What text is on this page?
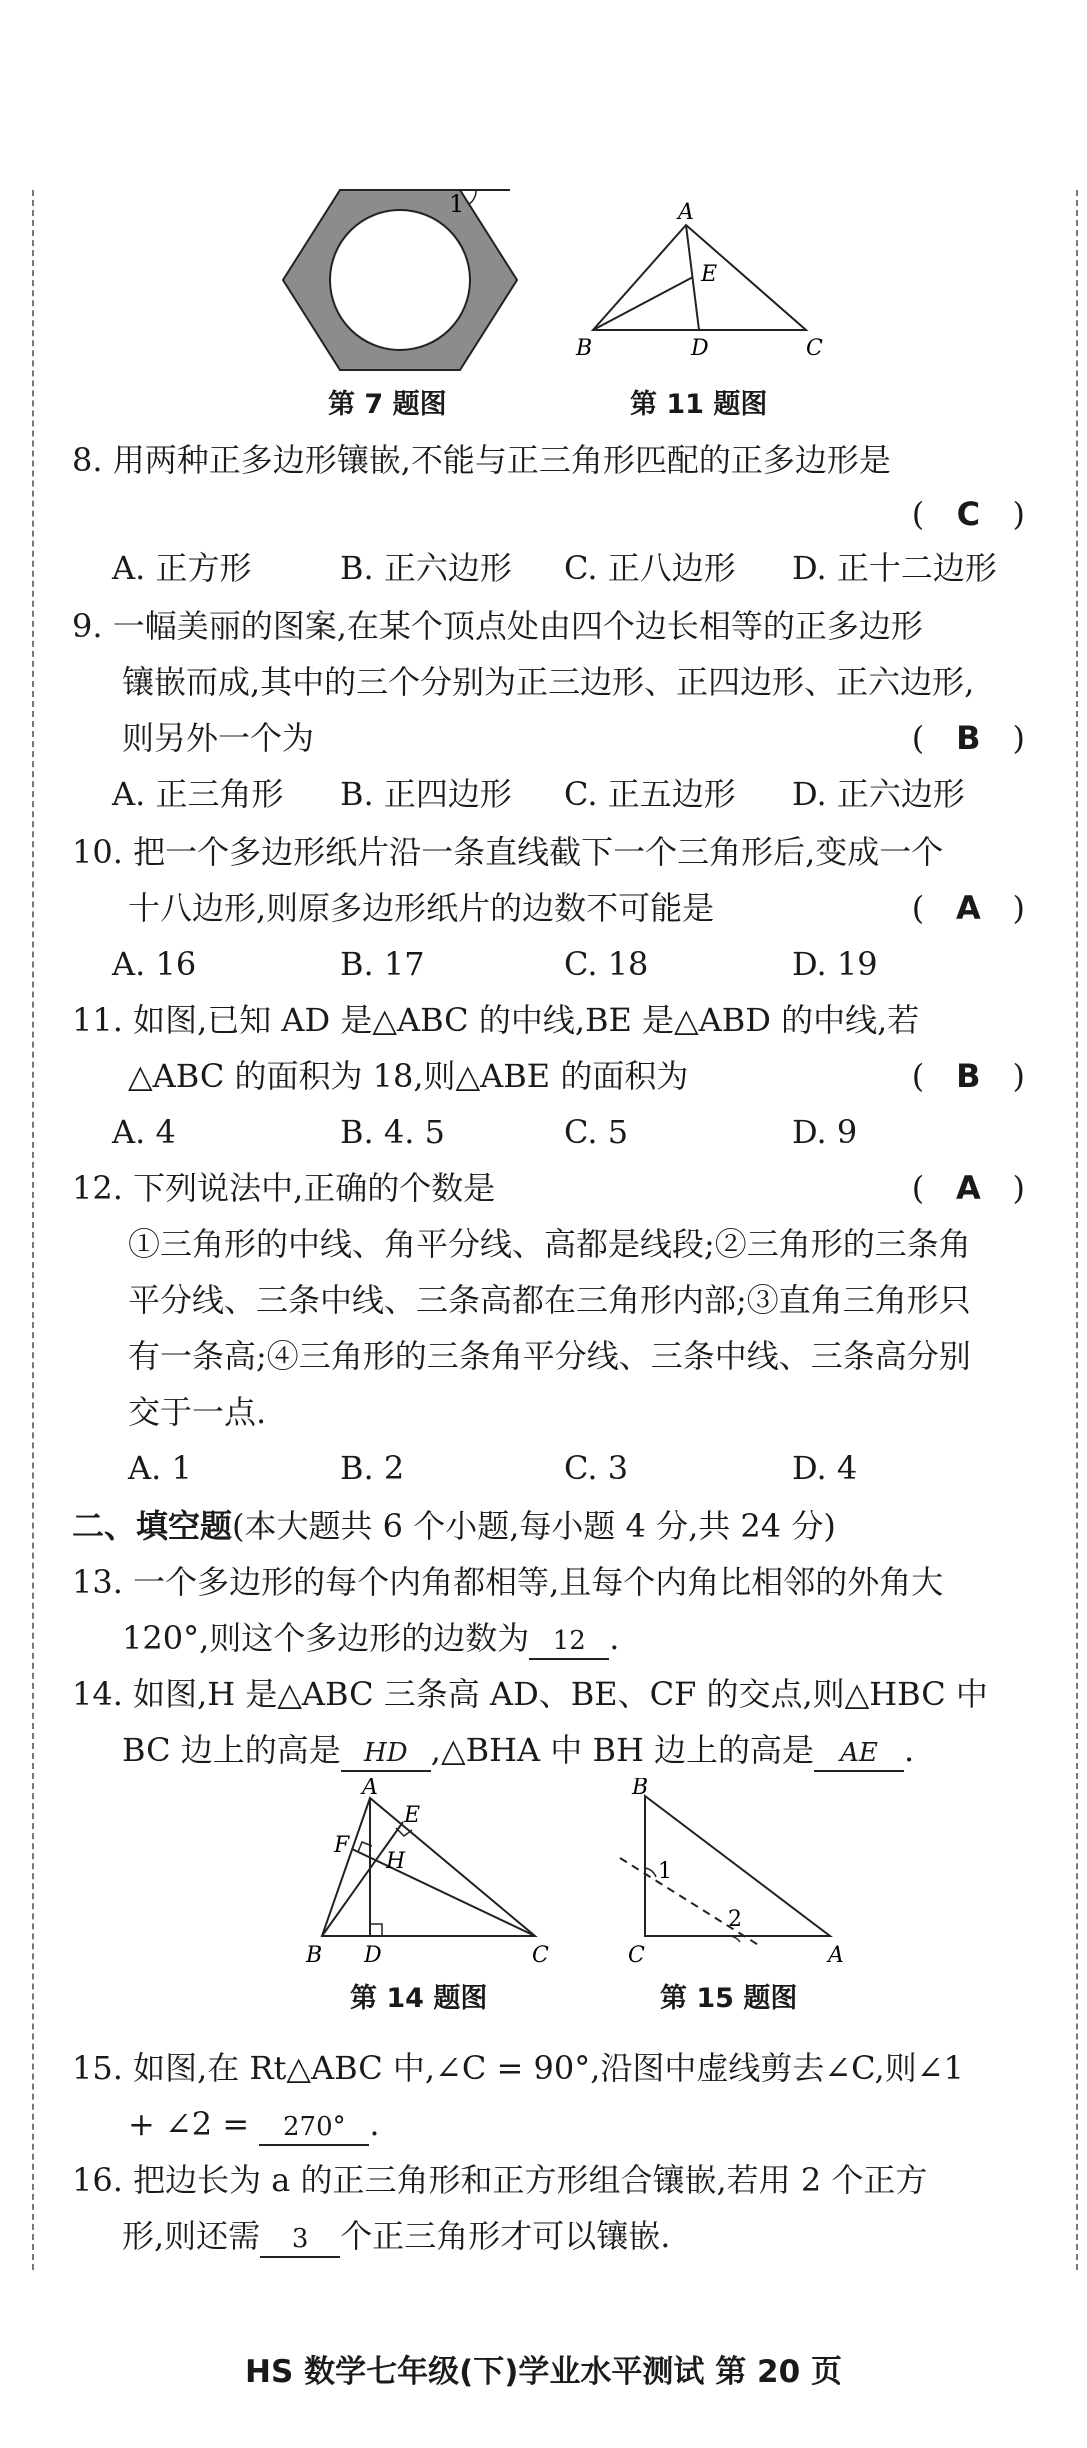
1
第 7 题图
A
E
B	D	C
第 11 题图
8. 用两种正多边形镶嵌,不能与正三角形匹配的正多边形是
( C )
A. 正方形	B. 正六边形 C. 正八边形 D. 正十二边形
9. 一幅美丽的图案,在某个顶点处由四个边长相等的正多边形
镶嵌而成,其中的三个分别为正三边形、正四边形、正六边形,
则另外一个为	( B )
A. 正三角形 B. 正四边形 C. 正五边形 D. 正六边形
10. 把一个多边形纸片沿一条直线截下一个三角形后,变成一个
十八边形,则原多边形纸片的边数不可能是	( A )
A. 16	B. 17	C. 18	D. 19
11. 如图,已知 AD 是△ABC 的中线,BE 是△ABD 的中线,若
△ABC 的面积为 18,则△ABE 的面积为	( B )
A. 4	B. 4. 5	C. 5	D. 9
12. 下列说法中,正确的个数是	( A )
①三角形的中线、角平分线、高都是线段;②三角形的三条角
平分线、三条中线、三条高都在三角形内部;③直角三角形只
有一条高;④三角形的三条角平分线、三条中线、三条高分别
交于一点.
A. 1	B. 2	C. 3	D. 4
二、填空题(本大题共 6 个小题,每小题 4 分,共 24 分)
13. 一个多边形的每个内角都相等,且每个内角比相邻的外角大
120°,则这个多边形的边数为 12 .
14. 如图,H 是△ABC 三条高 AD、BE、CF 的交点,则△HBC 中
BC 边上的高是 HD ,△BHA 中 BH 边上的高是 AE .
A
E
F
H
B D	C
第 14 题图
B
1
2
C	A
第 15 题图
15. 如图,在 Rt△ABC 中,∠C = 90°,沿图中虚线剪去∠C,则∠1
+ ∠2 = 270° .
16. 把边长为 a 的正三角形和正方形组合镶嵌,若用 2 个正方
形,则还需 3 个正三角形才可以镶嵌.
HS 数学七年级(下)学业水平测试 第 20 页
